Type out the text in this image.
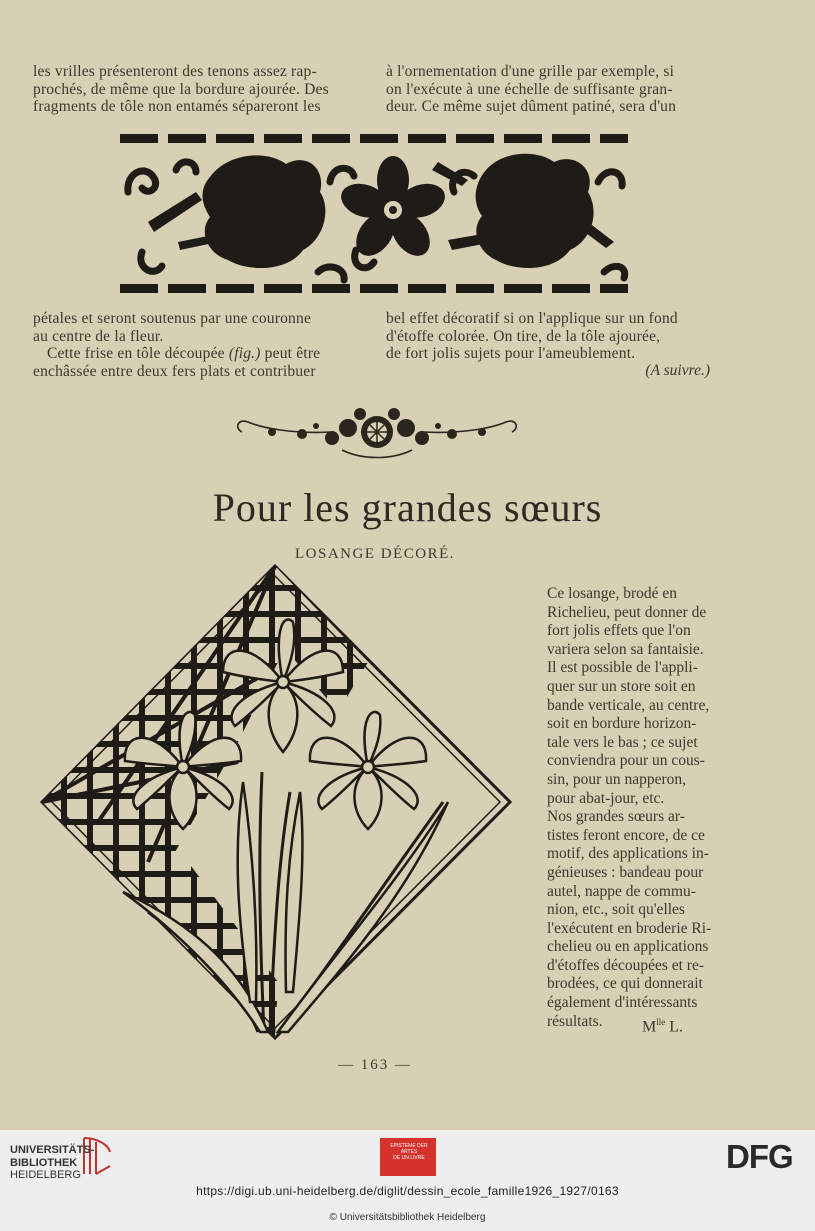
les vrilles présenteront des tenons assez rap-
prochés, de même que la bordure ajourée. Des
fragments de tôle non entamés sépareront les
à l'ornementation d'une grille par exemple, si
on l'exécute à une échelle de suffisante gran-
deur. Ce même sujet dûment patiné, sera d'un
pétales et seront soutenus par une couronne
au centre de la fleur.
Cette frise en tôle découpée (fig.) peut être
enchâssée entre deux fers plats et contribuer
bel effet décoratif si on l'applique sur un fond
d'étoffe colorée. On tire, de la tôle ajourée,
de fort jolis sujets pour l'ameublement.
(A suivre.)
Pour les grandes sœurs
LOSANGE DÉCORÉ.
Ce losange, brodé en
Richelieu, peut donner de
fort jolis effets que l'on
variera selon sa fantaisie.
Il est possible de l'appli-
quer sur un store soit en
bande verticale, au centre,
soit en bordure horizon-
tale vers le bas ; ce sujet
conviendra pour un cous-
sin, pour un napperon,
pour abat-jour, etc.
Nos grandes sœurs ar-
tistes feront encore, de ce
motif, des applications in-
génieuses : bandeau pour
autel, nappe de commu-
nion, etc., soit qu'elles
l'exécutent en broderie Ri-
chelieu ou en applications
d'étoffes découpées et re-
brodées, ce qui donnerait
également d'intéressants
résultats.	$M^{lle}$ L.
— 163 —
UNIVERSITÄTS-
BIBLIOTHEK
HEIDELBERG
EPISTEME DER
ARTES
DE UN LIVRE	DFG
https://digi.ub.uni-heidelberg.de/diglit/dessin_ecole_famille1926_1927/0163
© Universitätsbibliothek Heidelberg
